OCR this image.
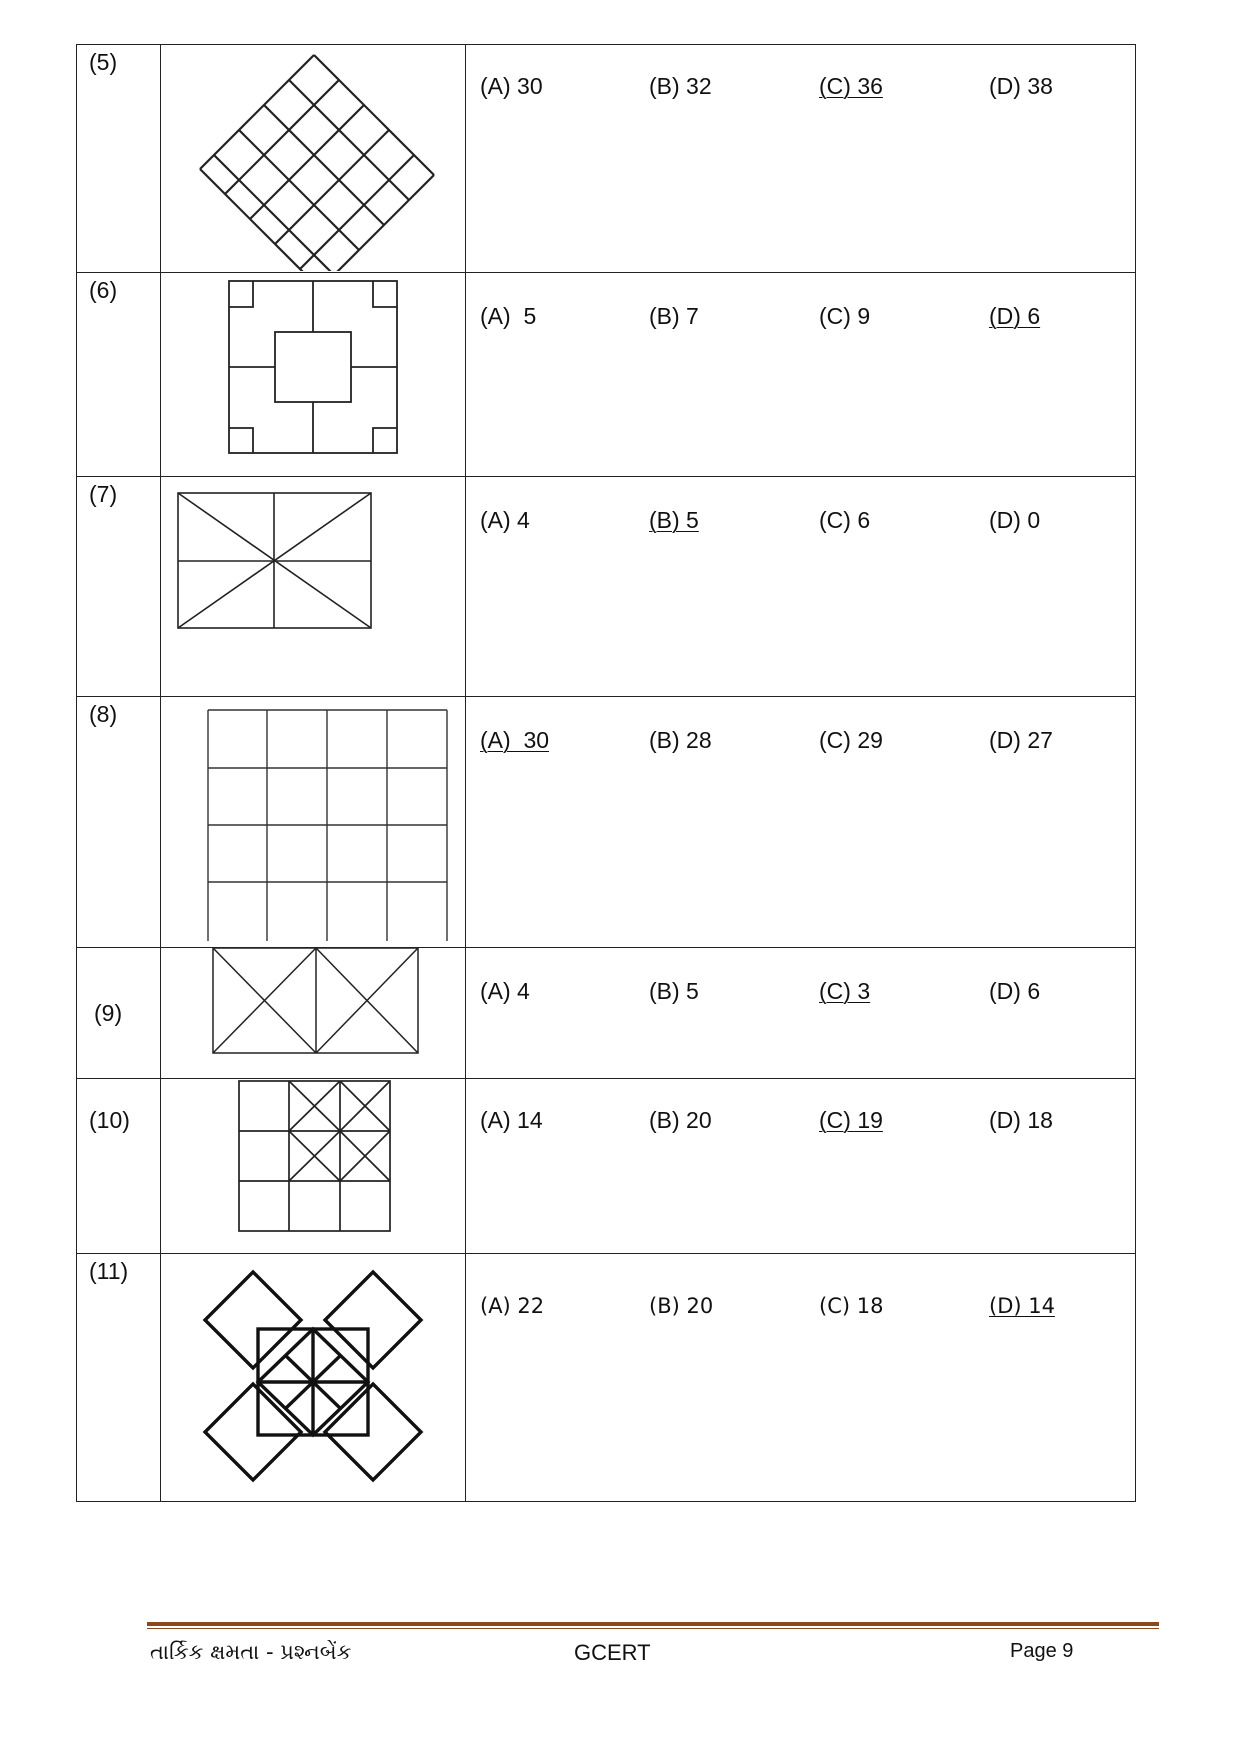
(5)		(A) 30 (B) 32 (C) 36 (D) 38

(6)		(A)  5 (B) 7 (C) 9 (D) 6

(7)		(A) 4 (B) 5 (C) 6 (D) 0

(8)		(A)  30 (B) 28 (C) 29 (D) 27

(9)		(A) 4 (B) 5 (C) 3 (D) 6

(10)		(A) 14 (B) 20 (C) 19 (D) 18

(11)		(A) 22 (B) 20 (C) 18 (D) 14
તાર્કિક ક્ષમતા - પ્રશ્નબેંક	GCERT	Page 9
